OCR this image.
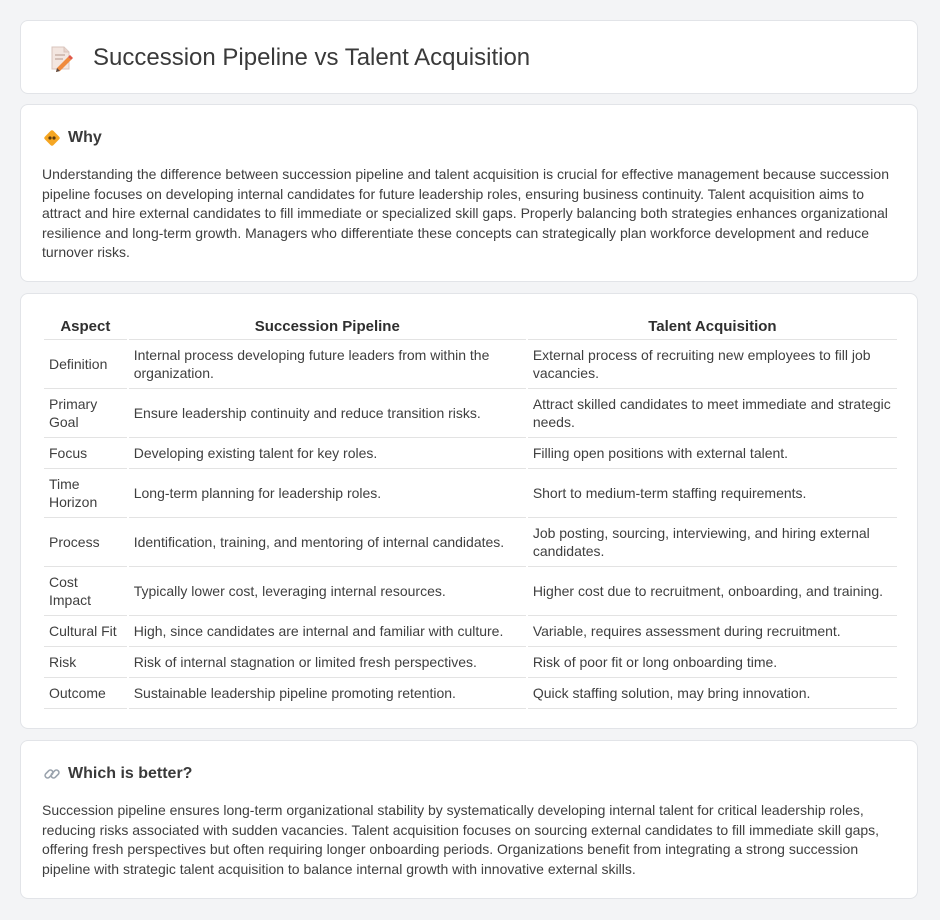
Succession Pipeline vs Talent Acquisition
Why

Understanding the difference between succession pipeline and talent acquisition is crucial for effective management because succession pipeline focuses on developing internal candidates for future leadership roles, ensuring business continuity. Talent acquisition aims to attract and hire external candidates to fill immediate or specialized skill gaps. Properly balancing both strategies enhances organizational resilience and long-term growth. Managers who differentiate these concepts can strategically plan workforce development and reduce turnover risks.

Aspect	Succession Pipeline	Talent Acquisition
Definition	Internal process developing future leaders from within the organization.	External process of recruiting new employees to fill job vacancies.
Primary Goal	Ensure leadership continuity and reduce transition risks.	Attract skilled candidates to meet immediate and strategic needs.
Focus	Developing existing talent for key roles.	Filling open positions with external talent.
Time Horizon	Long-term planning for leadership roles.	Short to medium-term staffing requirements.
Process	Identification, training, and mentoring of internal candidates.	Job posting, sourcing, interviewing, and hiring external candidates.
Cost Impact	Typically lower cost, leveraging internal resources.	Higher cost due to recruitment, onboarding, and training.
Cultural Fit	High, since candidates are internal and familiar with culture.	Variable, requires assessment during recruitment.
Risk	Risk of internal stagnation or limited fresh perspectives.	Risk of poor fit or long onboarding time.
Outcome	Sustainable leadership pipeline promoting retention.	Quick staffing solution, may bring innovation.
Which is better?

Succession pipeline ensures long-term organizational stability by systematically developing internal talent for critical leadership roles, reducing risks associated with sudden vacancies. Talent acquisition focuses on sourcing external candidates to fill immediate skill gaps, offering fresh perspectives but often requiring longer onboarding periods. Organizations benefit from integrating a strong succession pipeline with strategic talent acquisition to balance internal growth with innovative external skills.
